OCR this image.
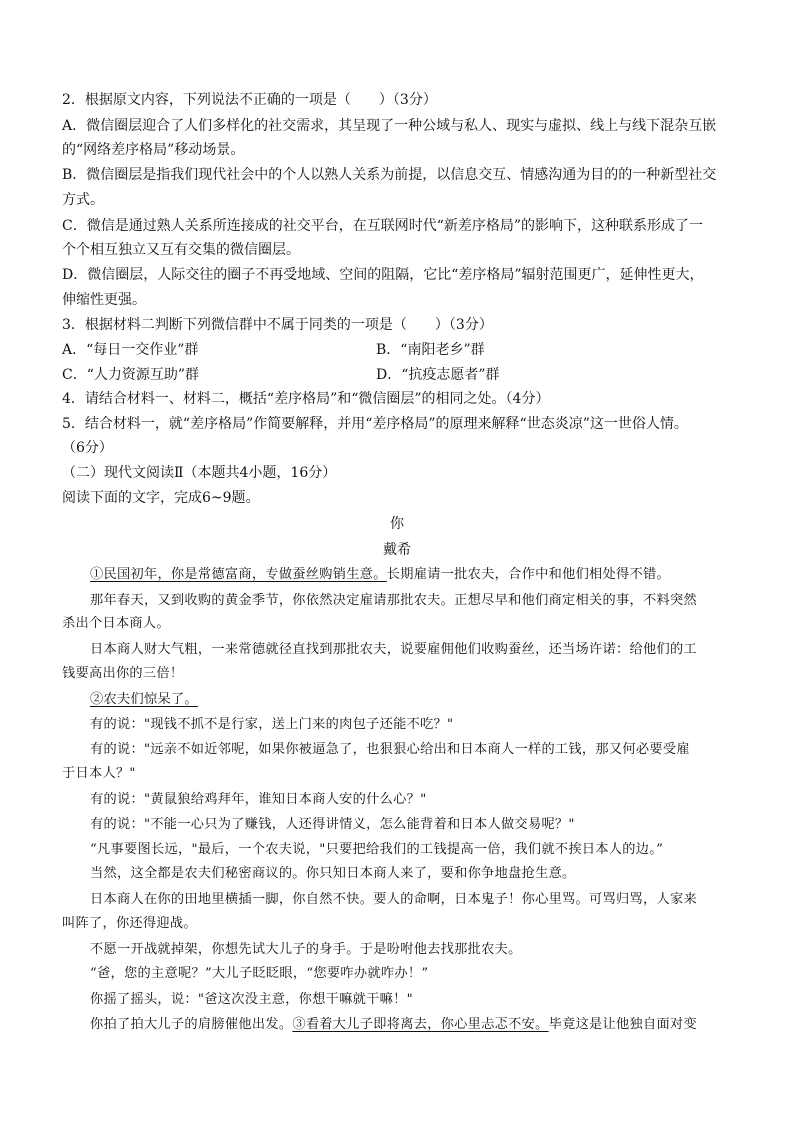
2．根据原文内容，下列说法不正确的一项是（　　）（3分）
A．微信圈层迎合了人们多样化的社交需求，其呈现了一种公域与私人、现实与虚拟、线上与线下混杂互嵌
的“网络差序格局”移动场景。
B．微信圈层是指我们现代社会中的个人以熟人关系为前提，以信息交互、情感沟通为目的的一种新型社交
方式。
C．微信是通过熟人关系所连接成的社交平台，在互联网时代“新差序格局”的影响下，这种联系形成了一
个个相互独立又互有交集的微信圈层。
D．微信圈层，人际交往的圈子不再受地域、空间的阻隔，它比“差序格局”辐射范围更广，延伸性更大，
伸缩性更强。
3．根据材料二判断下列微信群中不属于同类的一项是（　　）（3分）
A．“每日一交作业”群	B．“南阳老乡”群
C．“人力资源互助”群	D．“抗疫志愿者”群
4．请结合材料一、材料二，概括“差序格局”和“微信圈层”的相同之处。（4分）
5．结合材料一，就“差序格局”作简要解释，并用“差序格局”的原理来解释“世态炎凉”这一世俗人情。
（6分）
（二）现代文阅读Ⅱ（本题共4小题，16分）
阅读下面的文字，完成6~9题。
你
戴希
①民国初年，你是常德富商，专做蚕丝购销生意。长期雇请一批农夫，合作中和他们相处得不错。
那年春天，又到收购的黄金季节，你依然决定雇请那批农夫。正想尽早和他们商定相关的事，不料突然
杀出个日本商人。
日本商人财大气粗，一来常德就径直找到那批农夫，说要雇佣他们收购蚕丝，还当场许诺：给他们的工
钱要高出你的三倍！
②农夫们惊呆了。
有的说："现钱不抓不是行家，送上门来的肉包子还能不吃？"
有的说："远亲不如近邻呢，如果你被逼急了，也狠狠心给出和日本商人一样的工钱，那又何必要受雇
于日本人？"
有的说："黄鼠狼给鸡拜年，谁知日本商人安的什么心？"
有的说："不能一心只为了赚钱，人还得讲情义，怎么能背着和日本人做交易呢？"
“凡事要图长远，"最后，一个农夫说，"只要把给我们的工钱提高一倍，我们就不挨日本人的边。”
当然，这全都是农夫们秘密商议的。你只知日本商人来了，要和你争地盘抢生意。
日本商人在你的田地里横插一脚，你自然不快。要人的命啊，日本鬼子！你心里骂。可骂归骂，人家来
叫阵了，你还得迎战。
不愿一开战就掉架，你想先试大儿子的身手。于是吩咐他去找那批农夫。
“爸，您的主意呢？”大儿子眨眨眼，“您要咋办就咋办！”
你摇了摇头，说："爸这次没主意，你想干嘛就干嘛！"
你拍了拍大儿子的肩膀催他出发。③看着大儿子即将离去，你心里忐忑不安。毕竟这是让他独自面对变
